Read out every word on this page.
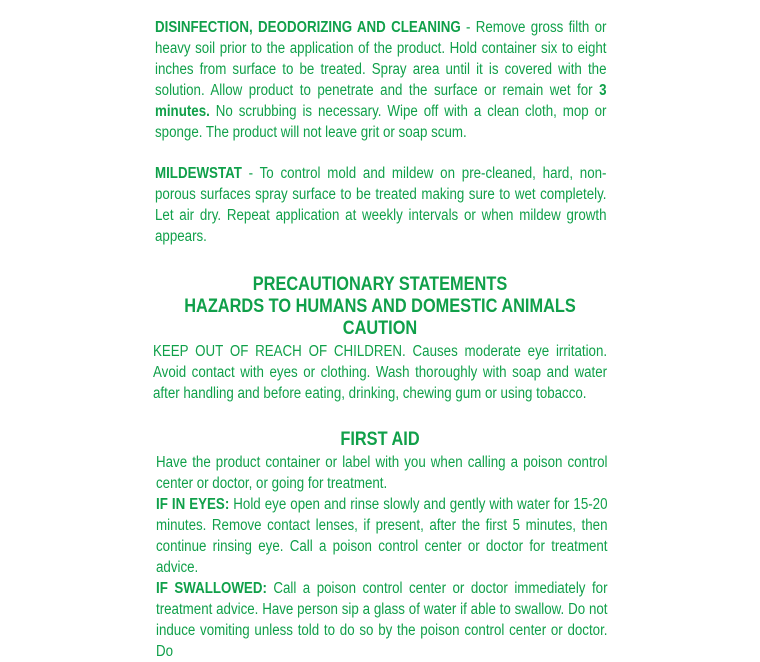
DISINFECTION, DEODORIZING AND CLEANING - Remove gross filth or heavy soil prior to the application of the product. Hold container six to eight inches from surface to be treated. Spray area until it is covered with the solution. Allow product to penetrate and the surface or remain wet for 3 minutes. No scrubbing is necessary. Wipe off with a clean cloth, mop or sponge. The product will not leave grit or soap scum.
MILDEWSTAT - To control mold and mildew on pre-cleaned, hard, non-porous surfaces spray surface to be treated making sure to wet completely. Let air dry. Repeat application at weekly intervals or when mildew growth appears.
PRECAUTIONARY STATEMENTS
HAZARDS TO HUMANS AND DOMESTIC ANIMALS
CAUTION
KEEP OUT OF REACH OF CHILDREN. Causes moderate eye irritation. Avoid contact with eyes or clothing. Wash thoroughly with soap and water after handling and before eating, drinking, chewing gum or using tobacco.
FIRST AID

Have the product container or label with you when calling a poison control center or doctor, or going for treatment.

IF IN EYES: Hold eye open and rinse slowly and gently with water for 15-20 minutes. Remove contact lenses, if present, after the first 5 minutes, then continue rinsing eye. Call a poison control center or doctor for treatment advice.

IF SWALLOWED: Call a poison control center or doctor immediately for treatment advice. Have person sip a glass of water if able to swallow. Do not induce vomiting unless told to do so by the poison control center or doctor. Do
